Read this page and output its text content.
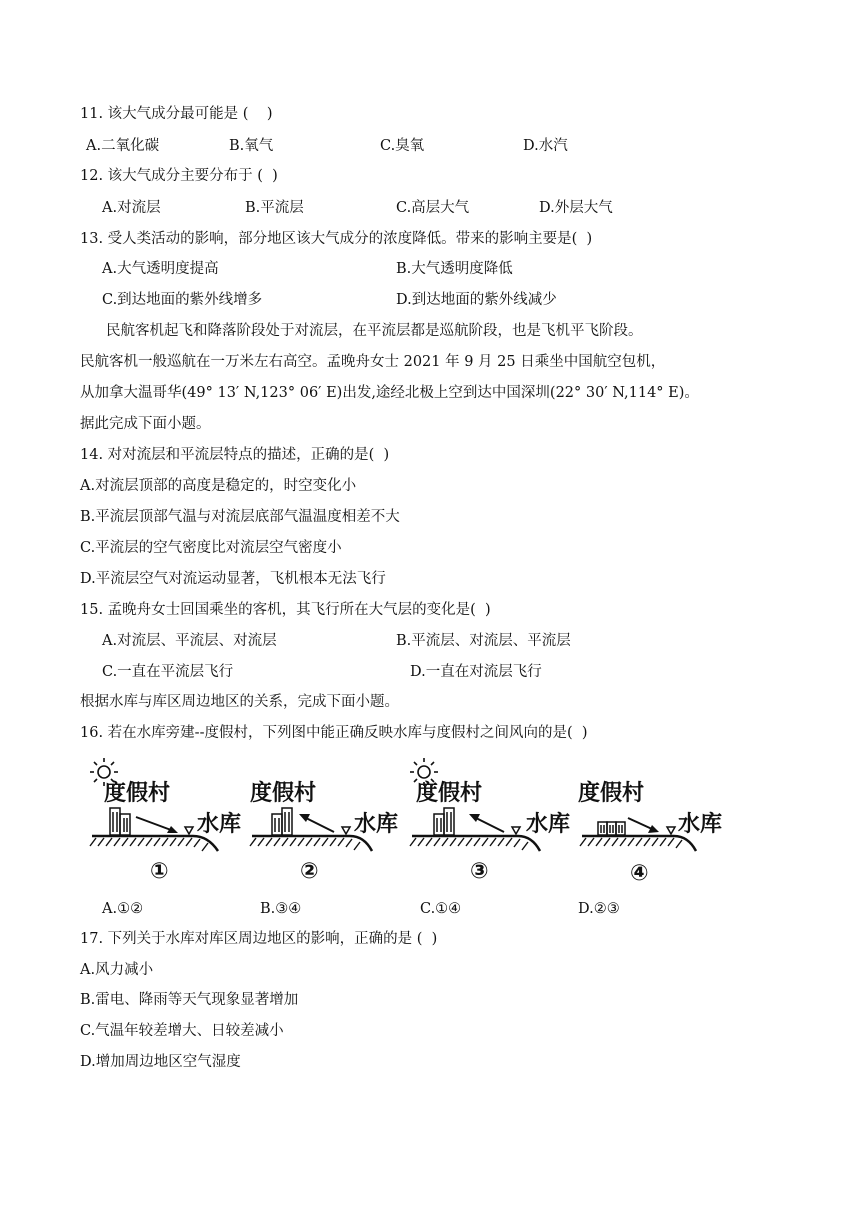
11. 该大气成分最可能是 (    )
A.二氧化碳	B.氧气	C.臭氧	D.水汽
12. 该大气成分主要分布于 (  )
A.对流层	B.平流层	C.高层大气	D.外层大气
13. 受人类活动的影响，部分地区该大气成分的浓度降低。带来的影响主要是(  )
A.大气透明度提高	B.大气透明度降低
C.到达地面的紫外线增多	D.到达地面的紫外线减少
民航客机起飞和降落阶段处于对流层，在平流层都是巡航阶段，也是飞机平飞阶段。
民航客机一般巡航在一万米左右高空。孟晚舟女士 2021 年 9 月 25 日乘坐中国航空包机，
从加拿大温哥华(49° 13′ N,123° 06′ E)出发,途经北极上空到达中国深圳(22° 30′ N,114° E)。
据此完成下面小题。
14. 对对流层和平流层特点的描述，正确的是(  )
A.对流层顶部的高度是稳定的，时空变化小
B.平流层顶部气温与对流层底部气温温度相差不大
C.平流层的空气密度比对流层空气密度小
D.平流层空气对流运动显著，飞机根本无法飞行
15. 孟晚舟女士回国乘坐的客机，其飞行所在大气层的变化是(  )
A.对流层、平流层、对流层	B.平流层、对流层、平流层
C.一直在平流层飞行	D.一直在对流层飞行
根据水库与库区周边地区的关系，完成下面小题。
16. 若在水库旁建--度假村，下列图中能正确反映水库与度假村之间风向的是(  )
度假村
水库
①
度假村
水库
②
度假村
水库
③
度假村
水库
④
A.①②	B.③④	C.①④	D.②③
17. 下列关于水库对库区周边地区的影响，正确的是 (  )
A.风力减小
B.雷电、降雨等天气现象显著增加
C.气温年较差增大、日较差减小
D.增加周边地区空气湿度
